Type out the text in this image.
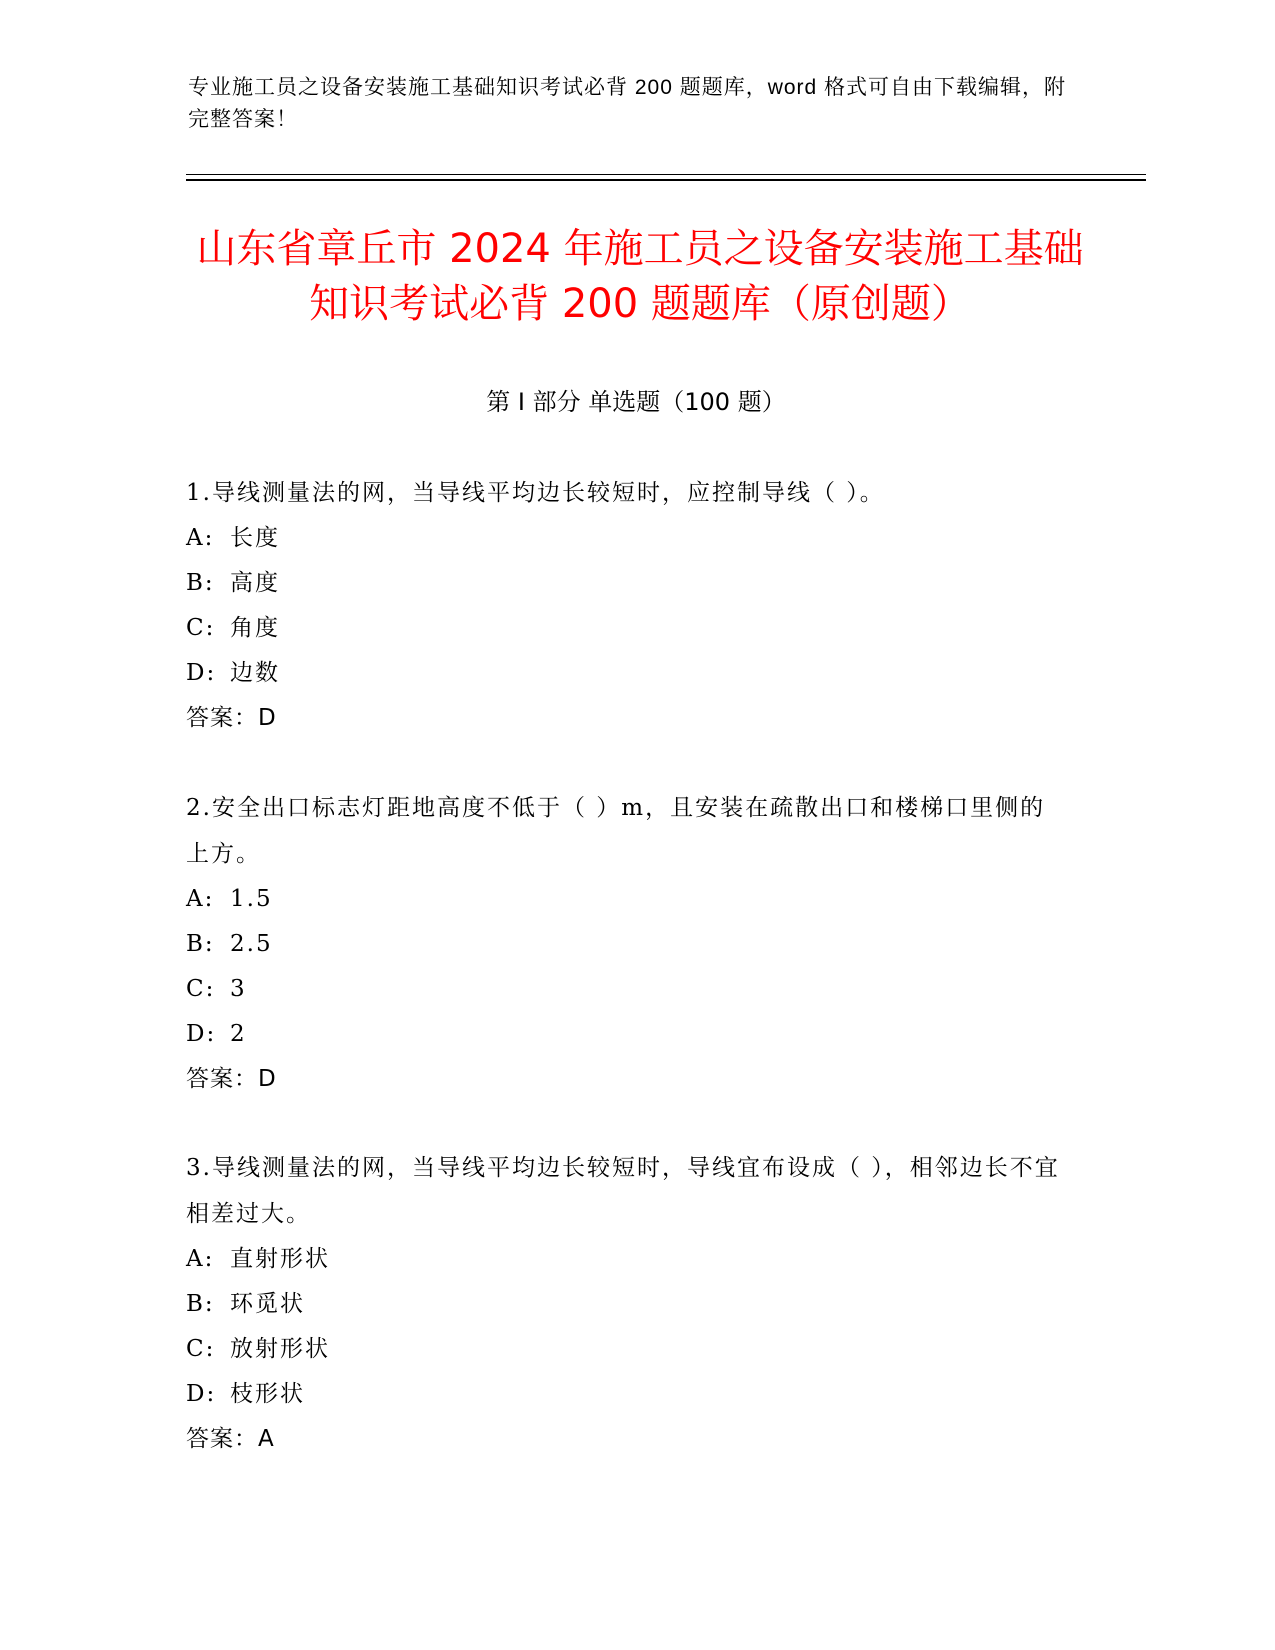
专业施工员之设备安装施工基础知识考试必背 200 题题库，word 格式可自由下载编辑，附完整答案！
山东省章丘市 2024 年施工员之设备安装施工基础知识考试必背 200 题题库（原创题）
第 I 部分 单选题（100 题）
1.导线测量法的网，当导线平均边长较短时，应控制导线（ ）。
A: 长度
B: 高度
C: 角度
D: 边数
答案：D
2.安全出口标志灯距地高度不低于（ ）m，且安装在疏散出口和楼梯口里侧的上方。
A: 1.5
B: 2.5
C: 3
D: 2
答案：D
3.导线测量法的网，当导线平均边长较短时，导线宜布设成（ ），相邻边长不宜相差过大。
A: 直射形状
B: 环觅状
C: 放射形状
D: 枝形状
答案：A
